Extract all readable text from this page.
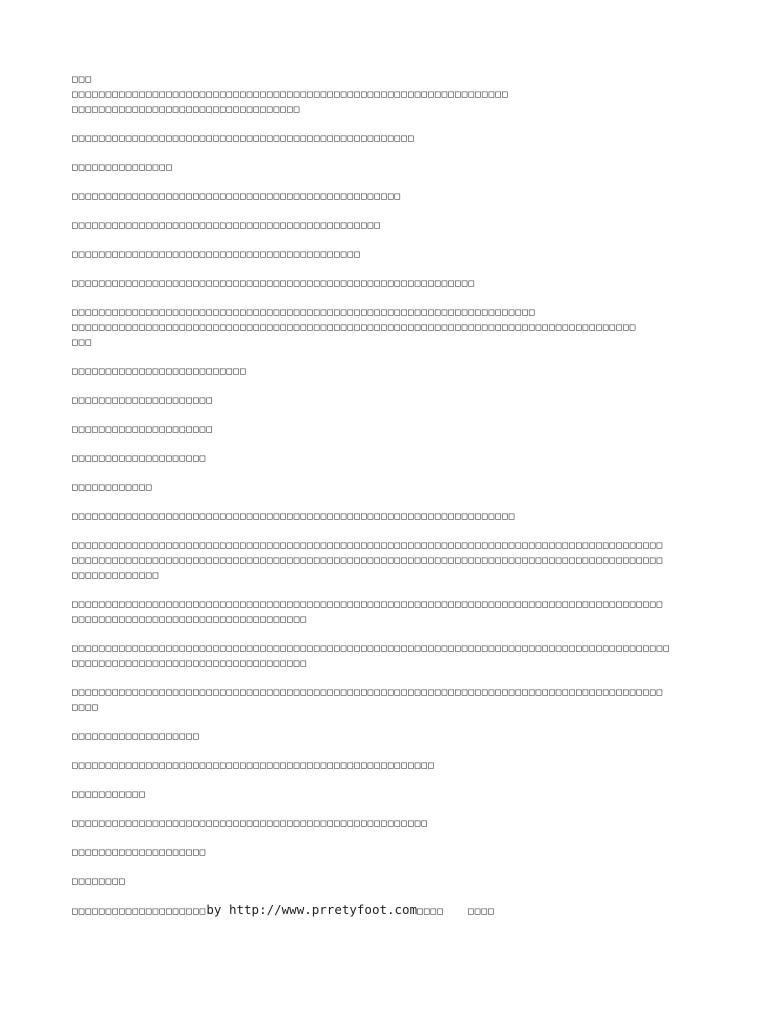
□□□
□□□□□□□□□□□□□□□□□□□□□□□□□□□□□□□□□□□□□□□□□□□□□□□□□□□□□□□□□□□□□□□□□
□□□□□□□□□□□□□□□□□□□□□□□□□□□□□□□□□□
□□□□□□□□□□□□□□□□□□□□□□□□□□□□□□□□□□□□□□□□□□□□□□□□□□□
□□□□□□□□□□□□□□□
□□□□□□□□□□□□□□□□□□□□□□□□□□□□□□□□□□□□□□□□□□□□□□□□□
□□□□□□□□□□□□□□□□□□□□□□□□□□□□□□□□□□□□□□□□□□□□□□
□□□□□□□□□□□□□□□□□□□□□□□□□□□□□□□□□□□□□□□□□□□
□□□□□□□□□□□□□□□□□□□□□□□□□□□□□□□□□□□□□□□□□□□□□□□□□□□□□□□□□□□□
□□□□□□□□□□□□□□□□□□□□□□□□□□□□□□□□□□□□□□□□□□□□□□□□□□□□□□□□□□□□□□□□□□□□□
□□□□□□□□□□□□□□□□□□□□□□□□□□□□□□□□□□□□□□□□□□□□□□□□□□□□□□□□□□□□□□□□□□□□□□□□□□□□□□□□□□□□
□□□
□□□□□□□□□□□□□□□□□□□□□□□□□□
□□□□□□□□□□□□□□□□□□□□□
□□□□□□□□□□□□□□□□□□□□□
□□□□□□□□□□□□□□□□□□□□
□□□□□□□□□□□□
□□□□□□□□□□□□□□□□□□□□□□□□□□□□□□□□□□□□□□□□□□□□□□□□□□□□□□□□□□□□□□□□□□
□□□□□□□□□□□□□□□□□□□□□□□□□□□□□□□□□□□□□□□□□□□□□□□□□□□□□□□□□□□□□□□□□□□□□□□□□□□□□□□□□□□□□□□□
□□□□□□□□□□□□□□□□□□□□□□□□□□□□□□□□□□□□□□□□□□□□□□□□□□□□□□□□□□□□□□□□□□□□□□□□□□□□□□□□□□□□□□□□
□□□□□□□□□□□□□
□□□□□□□□□□□□□□□□□□□□□□□□□□□□□□□□□□□□□□□□□□□□□□□□□□□□□□□□□□□□□□□□□□□□□□□□□□□□□□□□□□□□□□□□
□□□□□□□□□□□□□□□□□□□□□□□□□□□□□□□□□□□
□□□□□□□□□□□□□□□□□□□□□□□□□□□□□□□□□□□□□□□□□□□□□□□□□□□□□□□□□□□□□□□□□□□□□□□□□□□□□□□□□□□□□□□□□
□□□□□□□□□□□□□□□□□□□□□□□□□□□□□□□□□□□
□□□□□□□□□□□□□□□□□□□□□□□□□□□□□□□□□□□□□□□□□□□□□□□□□□□□□□□□□□□□□□□□□□□□□□□□□□□□□□□□□□□□□□□□
□□□□
□□□□□□□□□□□□□□□□□□□
□□□□□□□□□□□□□□□□□□□□□□□□□□□□□□□□□□□□□□□□□□□□□□□□□□□□□□
□□□□□□□□□□□
□□□□□□□□□□□□□□□□□□□□□□□□□□□□□□□□□□□□□□□□□□□□□□□□□□□□□
□□□□□□□□□□□□□□□□□□□□
□□□□□□□□
□□□□□□□□□□□□□□□□□□□□by http://www.prretyfoot.com□□□□	□□□□
